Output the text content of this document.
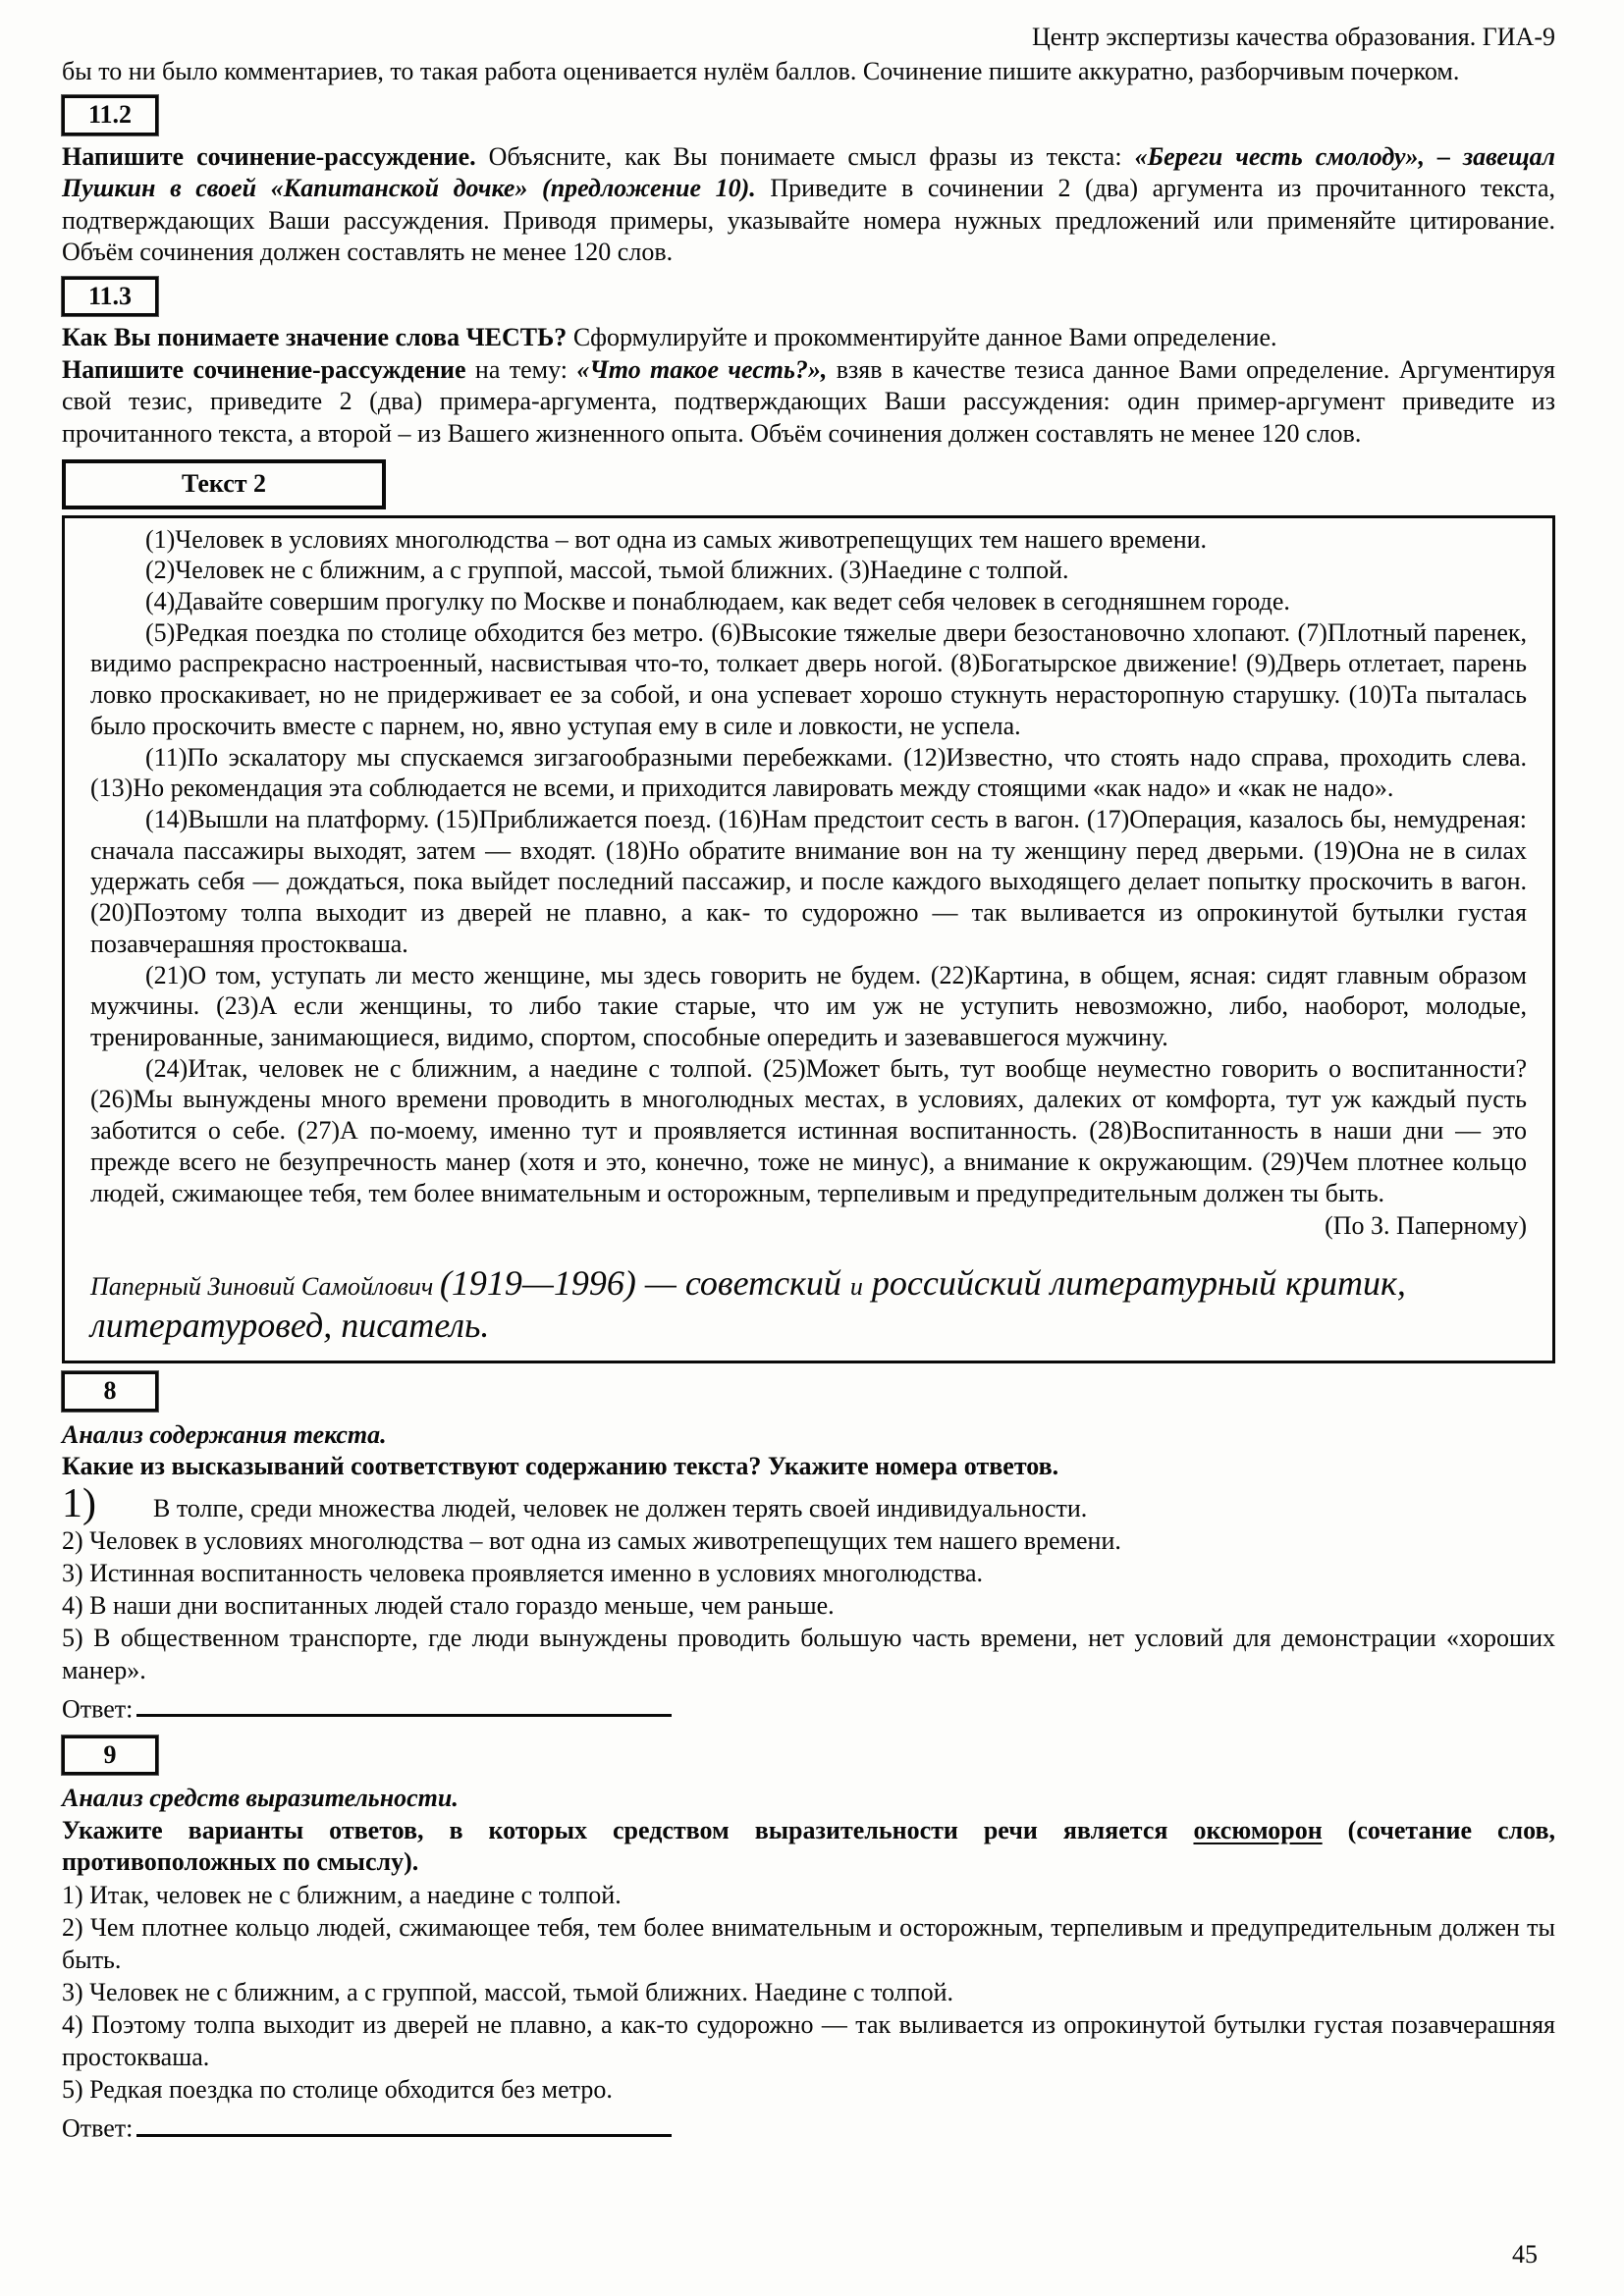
Центр экспертизы качества образования. ГИА-9

бы то ни было комментариев, то такая работа оценивается нулём баллов. Сочинение пишите аккуратно, разборчивым почерком.

11.2

Напишите сочинение-рассуждение. Объясните, как Вы понимаете смысл фразы из текста: «Береги честь смолоду», – завещал Пушкин в своей «Капитанской дочке» (предложение 10). Приведите в сочинении 2 (два) аргумента из прочитанного текста, подтверждающих Ваши рассуждения. Приводя примеры, указывайте номера нужных предложений или применяйте цитирование. Объём сочинения должен составлять не менее 120 слов.

11.3

Как Вы понимаете значение слова ЧЕСТЬ? Сформулируйте и прокомментируйте данное Вами определение.

Напишите сочинение-рассуждение на тему: «Что такое честь?», взяв в качестве тезиса данное Вами определение. Аргументируя свой тезис, приведите 2 (два) примера-аргумента, подтверждающих Ваши рассуждения: один пример-аргумент приведите из прочитанного текста, а второй – из Вашего жизненного опыта. Объём сочинения должен составлять не менее 120 слов.

Текст 2

(1)Человек в условиях многолюдства – вот одна из самых животрепещущих тем нашего времени.

(2)Человек не с ближним, а с группой, массой, тьмой ближних. (3)Наедине с толпой.

(4)Давайте совершим прогулку по Москве и понаблюдаем, как ведет себя человек в сегодняшнем городе.

(5)Редкая поездка по столице обходится без метро. (6)Высокие тяжелые двери безостановочно хлопают. (7)Плотный паренек, видимо распрекрасно настроенный, насвистывая что-то, толкает дверь ногой. (8)Богатырское движение! (9)Дверь отлетает, парень ловко проскакивает, но не придерживает ее за собой, и она успевает хорошо стукнуть нерасторопную старушку. (10)Та пыталась было проскочить вместе с парнем, но, явно уступая ему в силе и ловкости, не успела.

(11)По эскалатору мы спускаемся зигзагообразными перебежками. (12)Известно, что стоять надо справа, проходить слева. (13)Но рекомендация эта соблюдается не всеми, и приходится лавировать между стоящими «как надо» и «как не надо».

(14)Вышли на платформу. (15)Приближается поезд. (16)Нам предстоит сесть в вагон. (17)Операция, казалось бы, немудреная: сначала пассажиры выходят, затем — входят. (18)Но обратите внимание вон на ту женщину перед дверьми. (19)Она не в силах удержать себя — дождаться, пока выйдет последний пассажир, и после каждого выходящего делает попытку проскочить в вагон. (20)Поэтому толпа выходит из дверей не плавно, а как- то судорожно — так выливается из опрокинутой бутылки густая позавчерашняя простокваша.

(21)О том, уступать ли место женщине, мы здесь говорить не будем. (22)Картина, в общем, ясная: сидят главным образом мужчины. (23)А если женщины, то либо такие старые, что им уж не уступить невозможно, либо, наоборот, молодые, тренированные, занимающиеся, видимо, спортом, способные опередить и зазевавшегося мужчину.

(24)Итак, человек не с ближним, а наедине с толпой. (25)Может быть, тут вообще неуместно говорить о воспитанности? (26)Мы вынуждены много времени проводить в многолюдных местах, в условиях, далеких от комфорта, тут уж каждый пусть заботится о себе. (27)А по-моему, именно тут и проявляется истинная воспитанность. (28)Воспитанность в наши дни — это прежде всего не безупречность манер (хотя и это, конечно, тоже не минус), а внимание к окружающим. (29)Чем плотнее кольцо людей, сжимающее тебя, тем более внимательным и осторожным, терпеливым и предупредительным должен ты быть.

(По З. Паперному)

Паперный Зиновий Самойлович (1919—1996) — советский и российский литературный критик, литературовед, писатель.

8

Анализ содержания текста.

Какие из высказываний соответствуют содержанию текста? Укажите номера ответов.

1) В толпе, среди множества людей, человек не должен терять своей индивидуальности.

2) Человек в условиях многолюдства – вот одна из самых животрепещущих тем нашего времени.

3) Истинная воспитанность человека проявляется именно в условиях многолюдства.

4) В наши дни воспитанных людей стало гораздо меньше, чем раньше.

5) В общественном транспорте, где люди вынуждены проводить большую часть времени, нет условий для демонстрации «хороших манер».

Ответ:

9

Анализ средств выразительности.

Укажите варианты ответов, в которых средством выразительности речи является оксюморон (сочетание слов, противоположных по смыслу).

1) Итак, человек не с ближним, а наедине с толпой.

2) Чем плотнее кольцо людей, сжимающее тебя, тем более внимательным и осторожным, терпеливым и предупредительным должен ты быть.

3) Человек не с ближним, а с группой, массой, тьмой ближних. Наедине с толпой.

4) Поэтому толпа выходит из дверей не плавно, а как-то судорожно — так выливается из опрокинутой бутылки густая позавчерашняя простокваша.

5) Редкая поездка по столице обходится без метро.

Ответ:

45
